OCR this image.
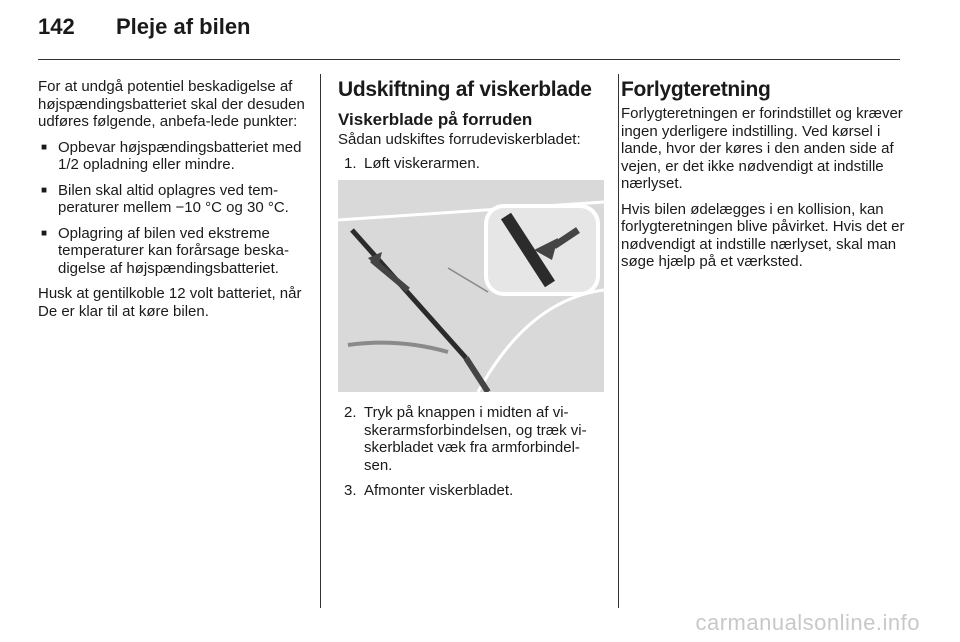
142	Pleje af bilen

For at undgå potentiel beskadigelse af højspændingsbatteriet skal der desuden udføres følgende, anbefa-lede punkter:

■ Opbevar højspændingsbatteriet med 1/2 opladning eller mindre.
■ Bilen skal altid oplagres ved tem-peraturer mellem −10 °C og 30 °C.
■ Oplagring af bilen ved ekstreme temperaturer kan forårsage beska-digelse af højspændingsbatteriet.

Husk at gentilkoble 12 volt batteriet, når De er klar til at køre bilen.

Udskiftning af viskerblade
Viskerblade på forruden

Sådan udskiftes forrudeviskerbladet:

1. Løft viskerarmen.
2. Tryk på knappen i midten af vi-skerarmsforbindelsen, og træk vi-skerbladet væk fra armforbindel-sen.
3. Afmonter viskerbladet.
Forlygteretning

Forlygteretningen er forindstillet og kræver ingen yderligere indstilling. Ved kørsel i lande, hvor der køres i den anden side af vejen, er det ikke nødvendigt at indstille nærlyset.

Hvis bilen ødelægges i en kollision, kan forlygteretningen blive påvirket. Hvis det er nødvendigt at indstille nærlyset, skal man søge hjælp på et værksted.

carmanualsonline.info
